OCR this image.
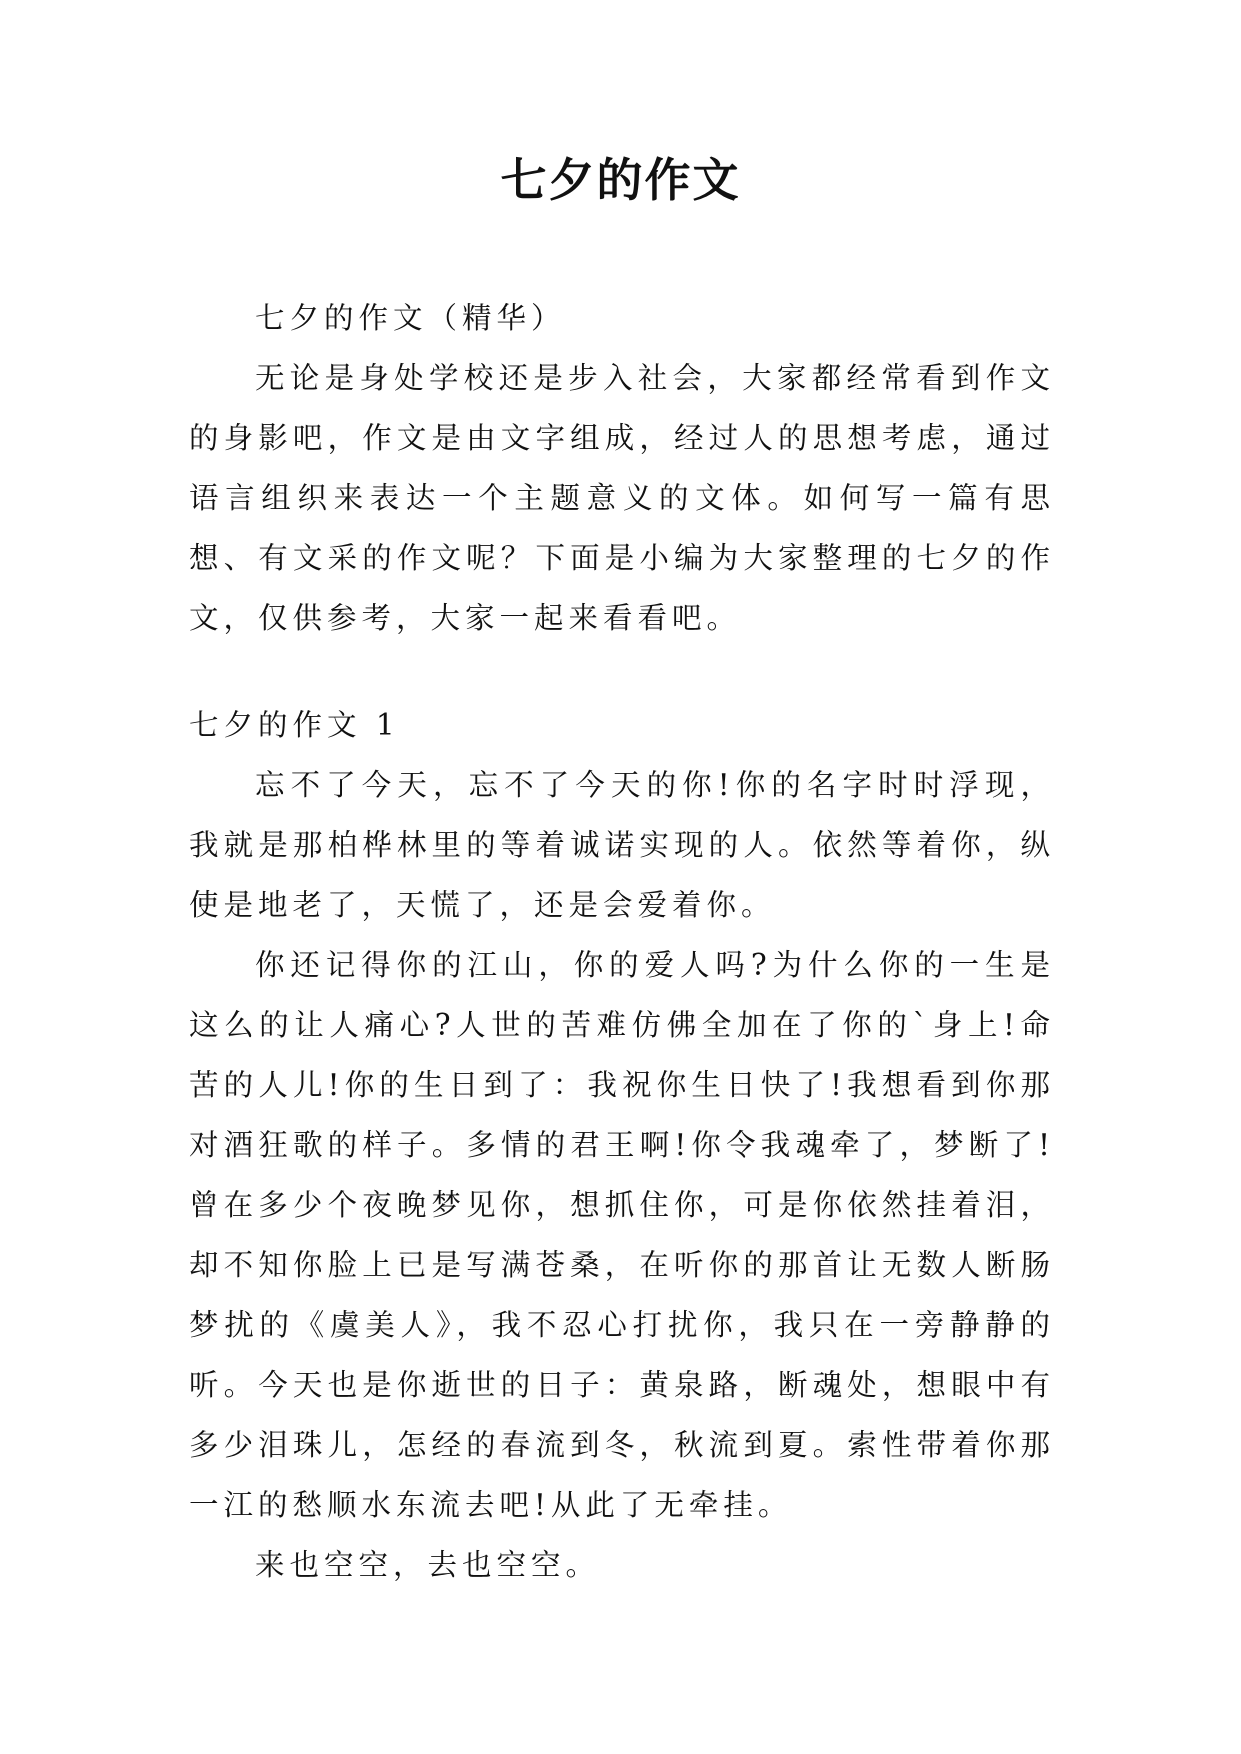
七夕的作文

七夕的作文（精华）

无论是身处学校还是步入社会，大家都经常看到作文的身影吧，作文是由文字组成，经过人的思想考虑，通过语言组织来表达一个主题意义的文体。如何写一篇有思想、有文采的作文呢？下面是小编为大家整理的七夕的作文，仅供参考，大家一起来看看吧。

七夕的作文 1

忘不了今天，忘不了今天的你!你的名字时时浮现，我就是那柏桦林里的等着诚诺实现的人。依然等着你，纵使是地老了，天慌了，还是会爱着你。

你还记得你的江山，你的爱人吗?为什么你的一生是这么的让人痛心?人世的苦难仿佛全加在了你的`身上!命苦的人儿!你的生日到了：我祝你生日快了!我想看到你那对酒狂歌的样子。多情的君王啊!你令我魂牵了，梦断了!曾在多少个夜晚梦见你，想抓住你，可是你依然挂着泪，却不知你脸上已是写满苍桑，在听你的那首让无数人断肠梦扰的《虞美人》，我不忍心打扰你，我只在一旁静静的听。今天也是你逝世的日子：黄泉路，断魂处，想眼中有多少泪珠儿，怎经的春流到冬，秋流到夏。索性带着你那一江的愁顺水东流去吧!从此了无牵挂。

来也空空，去也空空。
